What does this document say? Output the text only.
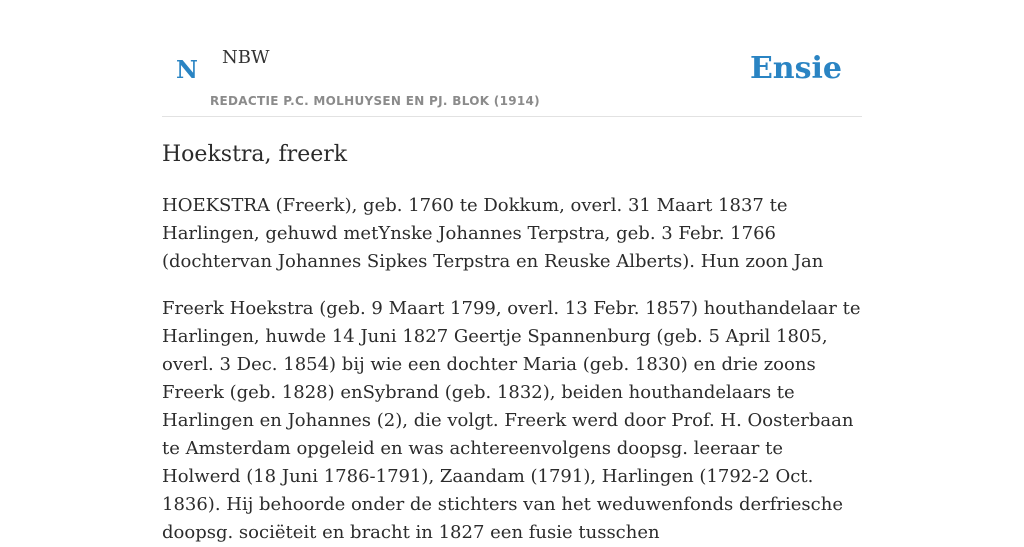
N NBW
REDACTIE P.C. MOLHUYSEN EN PJ. BLOK (1914)
Ensie
Hoekstra, freerk

HOEKSTRA (Freerk), geb. 1760 te Dokkum, overl. 31 Maart 1837 te Harlingen, gehuwd metYnske Johannes Terpstra, geb. 3 Febr. 1766 (dochtervan Johannes Sipkes Terpstra en Reuske Alberts). Hun zoon Jan

Freerk Hoekstra (geb. 9 Maart 1799, overl. 13 Febr. 1857) houthandelaar te Harlingen, huwde 14 Juni 1827 Geertje Spannenburg (geb. 5 April 1805, overl. 3 Dec. 1854) bij wie een dochter Maria (geb. 1830) en drie zoons Freerk (geb. 1828) enSybrand (geb. 1832), beiden houthandelaars te Harlingen en Johannes (2), die volgt. Freerk werd door Prof. H. Oosterbaan te Amsterdam opgeleid en was achtereenvolgens doopsg. leeraar te Holwerd (18 Juni 1786-1791), Zaandam (1791), Harlingen (1792-2 Oct. 1836). Hij behoorde onder de stichters van het weduwenfonds derfriesche doopsg. sociëteit en bracht in 1827 een fusie tusschen
